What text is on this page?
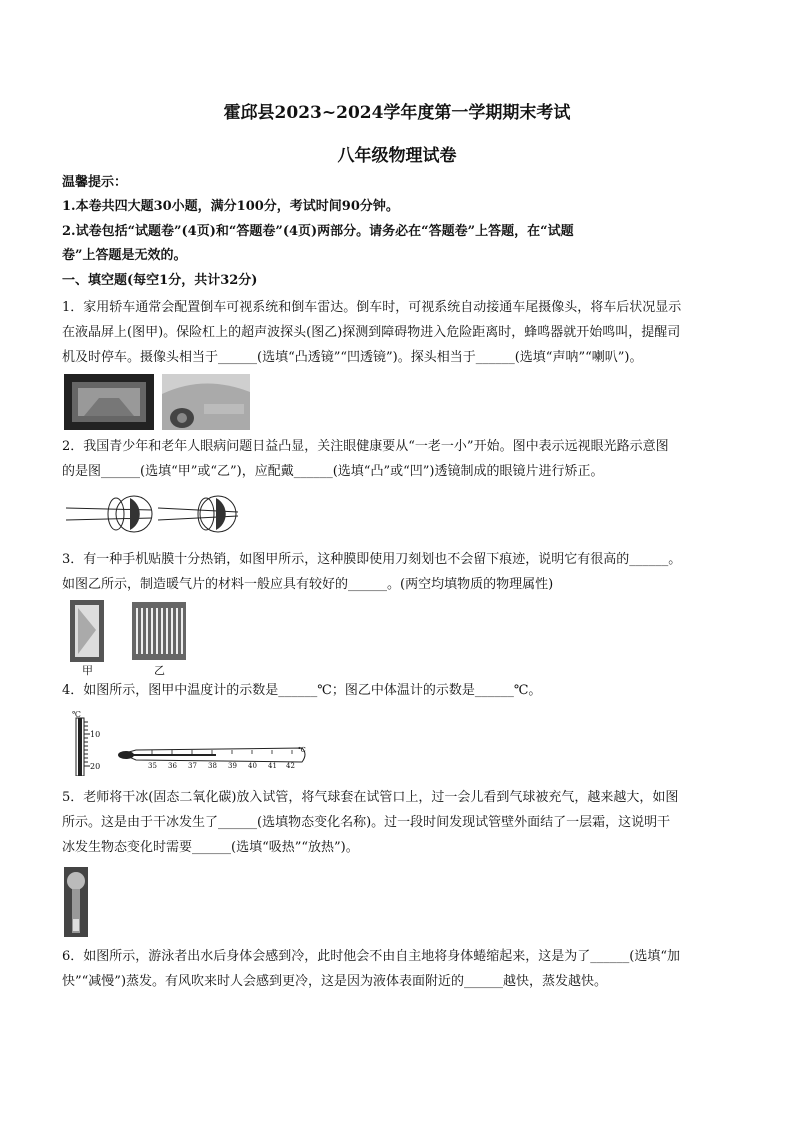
霍邱县2023~2024学年度第一学期期末考试
八年级物理试卷
温馨提示：
1.本卷共四大题30小题，满分100分，考试时间90分钟。
2.试卷包括“试题卷”(4页)和“答题卷”(4页)两部分。请务必在“答题卷”上答题，在“试题
卷”上答题是无效的。
一、填空题(每空1分，共计32分)
1．家用轿车通常会配置倒车可视系统和倒车雷达。倒车时，可视系统自动接通车尾摄像头，将车后状况显示
在液晶屏上(图甲)。保险杠上的超声波探头(图乙)探测到障碍物进入危险距离时，蜂鸣器就开始鸣叫，提醒司
机及时停车。摄像头相当于______(选填“凸透镜”“凹透镜”)。探头相当于______(选填“声呐”“喇叭”)。
2．我国青少年和老年人眼病问题日益凸显，关注眼健康要从“一老一小”开始。图中表示远视眼光路示意图
的是图______(选填“甲”或“乙”)，应配戴______(选填“凸”或“凹”)透镜制成的眼镜片进行矫正。
3．有一种手机贴膜十分热销，如图甲所示，这种膜即使用刀刻划也不会留下痕迹，说明它有很高的______。
如图乙所示，制造暖气片的材料一般应具有较好的______。(两空均填物质的物理属性)
甲	乙
4．如图所示，图甲中温度计的示数是______℃；图乙中体温计的示数是______℃。
℃
10
20	35 36 37 38 39 40 41 42
℃
5．老师将干冰(固态二氧化碳)放入试管，将气球套在试管口上，过一会儿看到气球被充气，越来越大，如图
所示。这是由于干冰发生了______(选填物态变化名称)。过一段时间发现试管壁外面结了一层霜，这说明干
冰发生物态变化时需要______(选填“吸热”“放热”)。
6．如图所示，游泳者出水后身体会感到冷，此时他会不由自主地将身体蜷缩起来，这是为了______(选填“加
快”“减慢”)蒸发。有风吹来时人会感到更冷，这是因为液体表面附近的______越快，蒸发越快。
